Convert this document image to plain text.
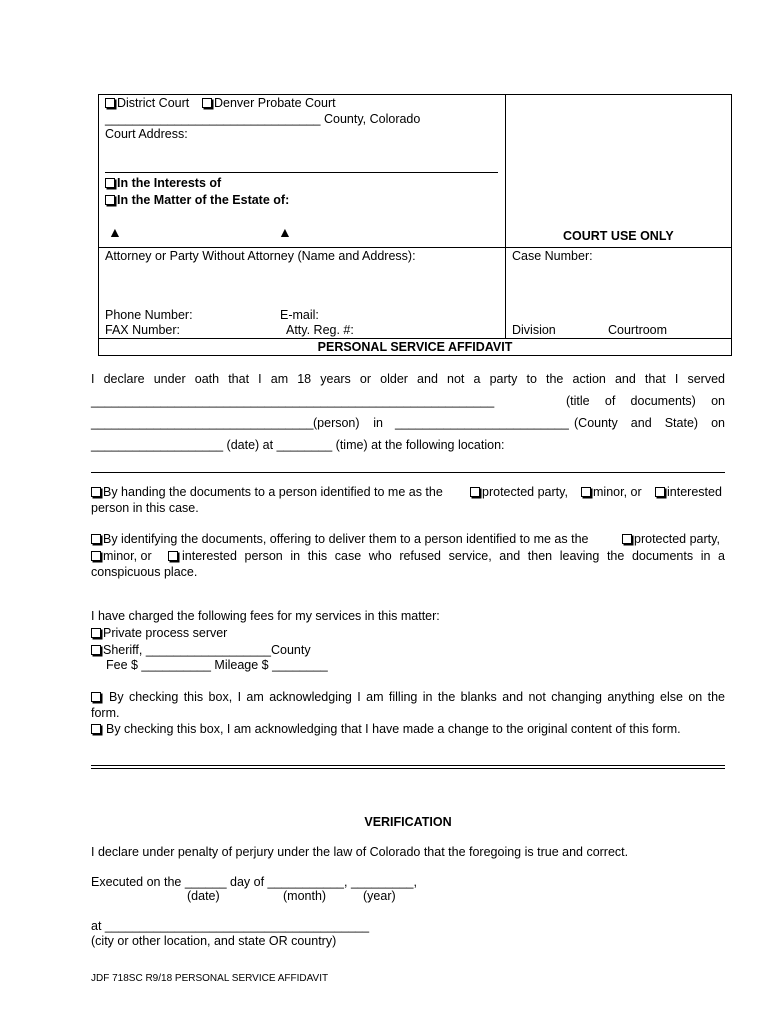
District Court	Denver Probate Court
_______________________________ County, Colorado
Court Address:
In the Interests of
In the Matter of the Estate of:
▲	▲	COURT USE ONLY
Attorney or Party Without Attorney (Name and Address):	Case Number:
Phone Number:	E-mail:
FAX Number:	Atty. Reg. #:	Division	Courtroom
PERSONAL SERVICE AFFIDAVIT
I declare under oath that I am 18 years or older and not a party to the action and that I served
__________________________________________________________	(title of documents) on
________________________________ (person) in _________________________ (County and State) on
___________________ (date) at ________ (time) at the following location:
By handing the documents to a person identified to me as the	protected party,	minor, or	interested
person in this case.
By identifying the documents, offering to deliver them to a person identified to me as the	protected party,
minor, or interested person in this case who refused service, and then leaving the documents in a
conspicuous place.
I have charged the following fees for my services in this matter:
Private process server
Sheriff, __________________County
Fee $ __________ Mileage $ ________
By checking this box, I am acknowledging I am filling in the blanks and not changing anything else on the
form.
By checking this box, I am acknowledging that I have made a change to the original content of this form.
VERIFICATION
I declare under penalty of perjury under the law of Colorado that the foregoing is true and correct.
Executed on the ______ day of ___________, _________,
(date)	(month)	(year)
at ______________________________________
(city or other location, and state OR country)
JDF 718SC R9/18 PERSONAL SERVICE AFFIDAVIT
